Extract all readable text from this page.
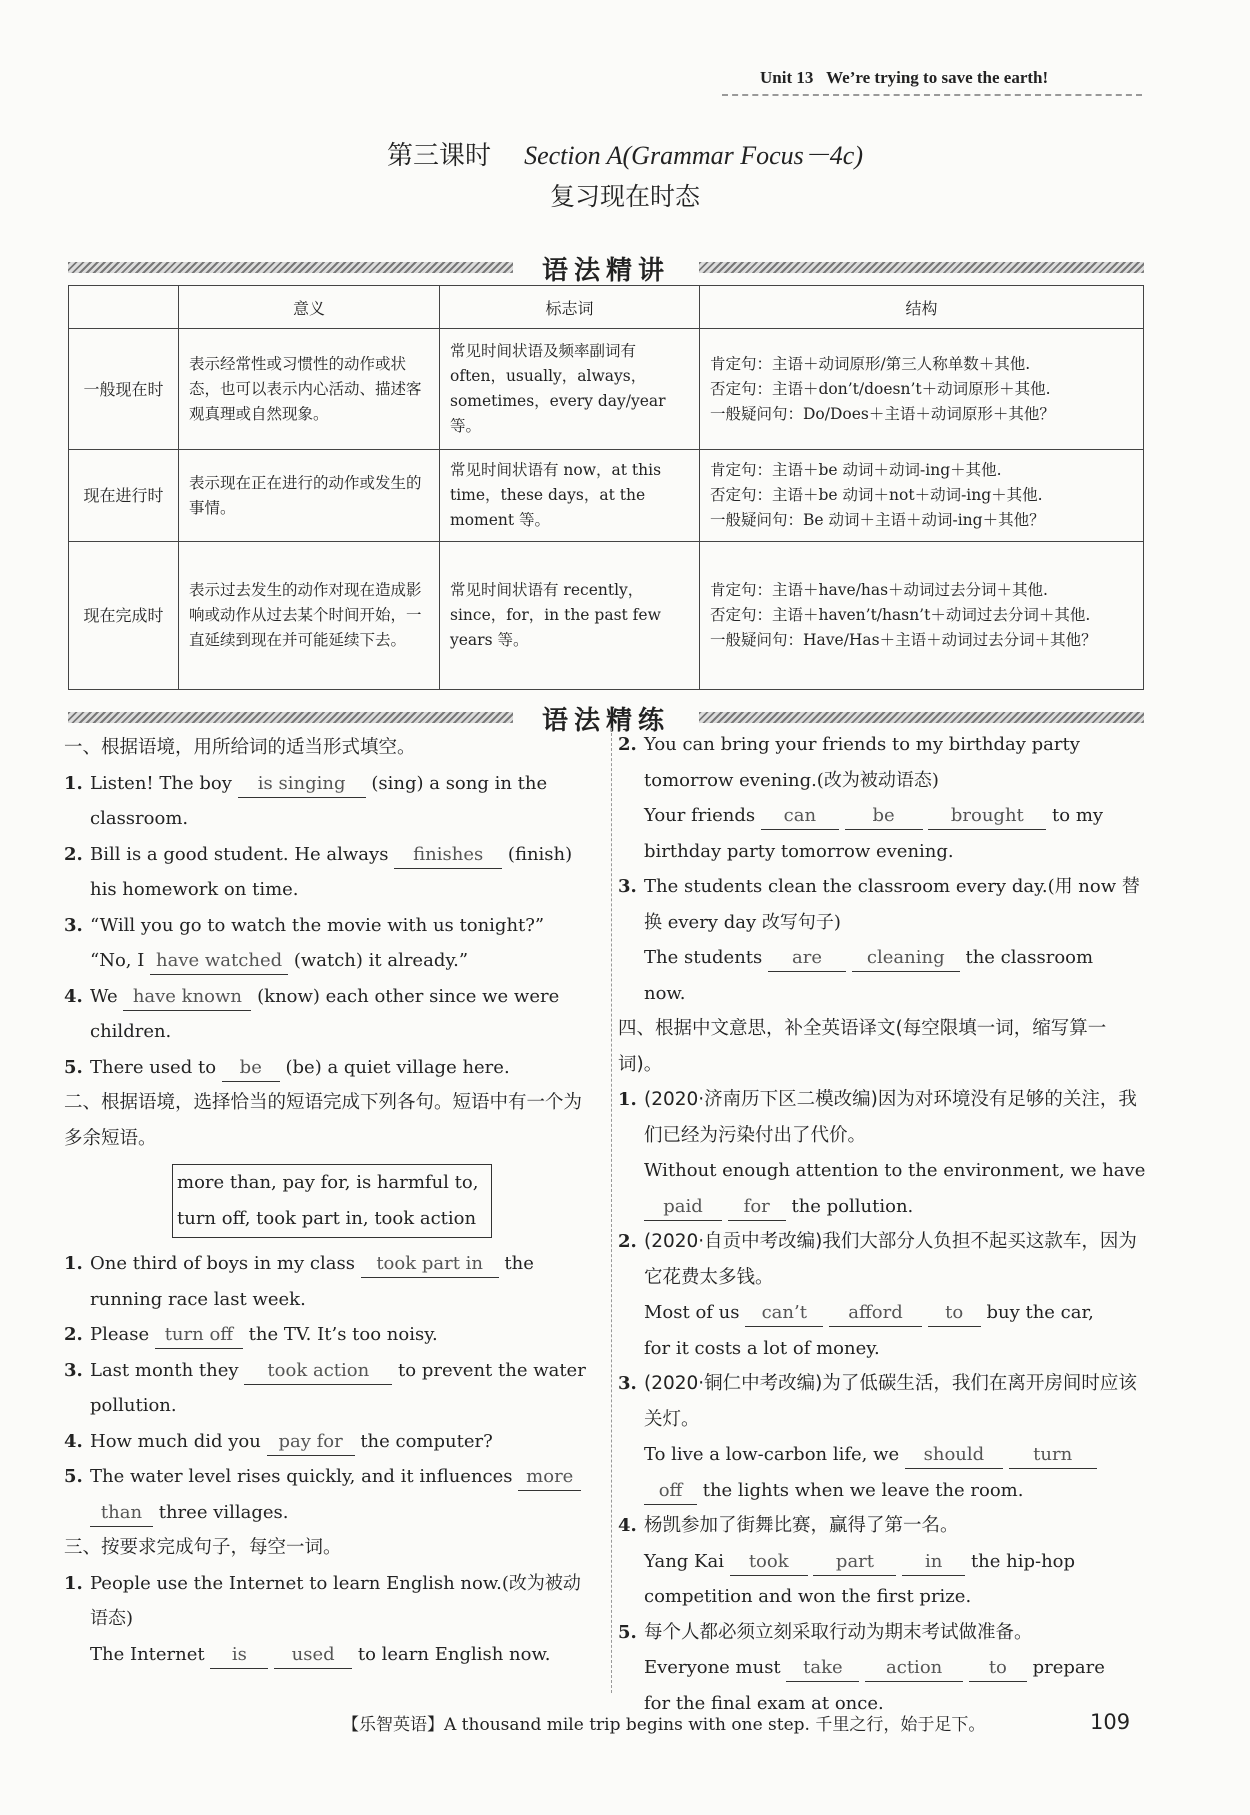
Unit 13 We’re trying to save the earth!
第三课时 Section A(Grammar Focus－4c)
复习现在时态
语法精讲
	意义	标志词	结构
一般现在时	表示经常性或习惯性的动作或状态，也可以表示内心活动、描述客观真理或自然现象。	常见时间状语及频率副词有often，usually，always，sometimes，every day/year 等。	肯定句：主语＋动词原形/第三人称单数＋其他.
否定句：主语＋don’t/doesn’t＋动词原形＋其他.
一般疑问句：Do/Does＋主语＋动词原形＋其他？

现在进行时	表示现在正在进行的动作或发生的事情。	常见时间状语有 now，at this time，these days，at the moment 等。	肯定句：主语＋be 动词＋动词-ing＋其他.
否定句：主语＋be 动词＋not＋动词-ing＋其他.
一般疑问句：Be 动词＋主语＋动词-ing＋其他？

现在完成时	表示过去发生的动作对现在造成影响或动作从过去某个时间开始，一直延续到现在并可能延续下去。	常见时间状语有 recently，since，for，in the past few years 等。	肯定句：主语＋have/has＋动词过去分词＋其他.
否定句：主语＋haven’t/hasn’t＋动词过去分词＋其他.
一般疑问句：Have/Has＋主语＋动词过去分词＋其他？
语法精练
一、根据语境，用所给词的适当形式填空。
1. Listen! The boy is singing (sing) a song in the
classroom.
2. Bill is a good student. He always finishes (finish)
his homework on time.
3. “Will you go to watch the movie with us tonight?”
“No, I have watched (watch) it already.”
4. We have known (know) each other since we were
children.
5. There used to be (be) a quiet village here.
二、根据语境，选择恰当的短语完成下列各句。短语中有一个为多余短语。
more than, pay for, is harmful to,
turn off, took part in, took action
1. One third of boys in my class took part in the
running race last week.
2. Please turn off the TV. It’s too noisy.
3. Last month they took action to prevent the water
pollution.
4. How much did you pay for the computer?
5. The water level rises quickly, and it influences more
than three villages.
三、按要求完成句子，每空一词。
1. People use the Internet to learn English now.(改为被动语态)
The Internet is used to learn English now.
2. You can bring your friends to my birthday party tomorrow evening.(改为被动语态)
Your friends can	be	brought to my
birthday party tomorrow evening.
3. The students clean the classroom every day.(用 now 替换 every day 改写句子)
The students are cleaning the classroom
now.
四、根据中文意思，补全英语译文(每空限填一词，缩写算一词)。
1. (2020·济南历下区二模改编)因为对环境没有足够的关注，我们已经为污染付出了代价。
Without enough attention to the environment, we have
paid for the pollution.
2. (2020·自贡中考改编)我们大部分人负担不起买这款车，因为它花费太多钱。
Most of us can’t afford to buy the car,
for it costs a lot of money.
3. (2020·铜仁中考改编)为了低碳生活，我们在离开房间时应该关灯。
To live a low-carbon life, we should	turn
off the lights when we leave the room.
4. 杨凯参加了街舞比赛，赢得了第一名。
Yang Kai took	part	in the hip-hop
competition and won the first prize.
5. 每个人都必须立刻采取行动为期末考试做准备。
Everyone must take action	to prepare
for the final exam at once.
【乐智英语】A thousand mile trip begins with one step. 千里之行，始于足下。	109
